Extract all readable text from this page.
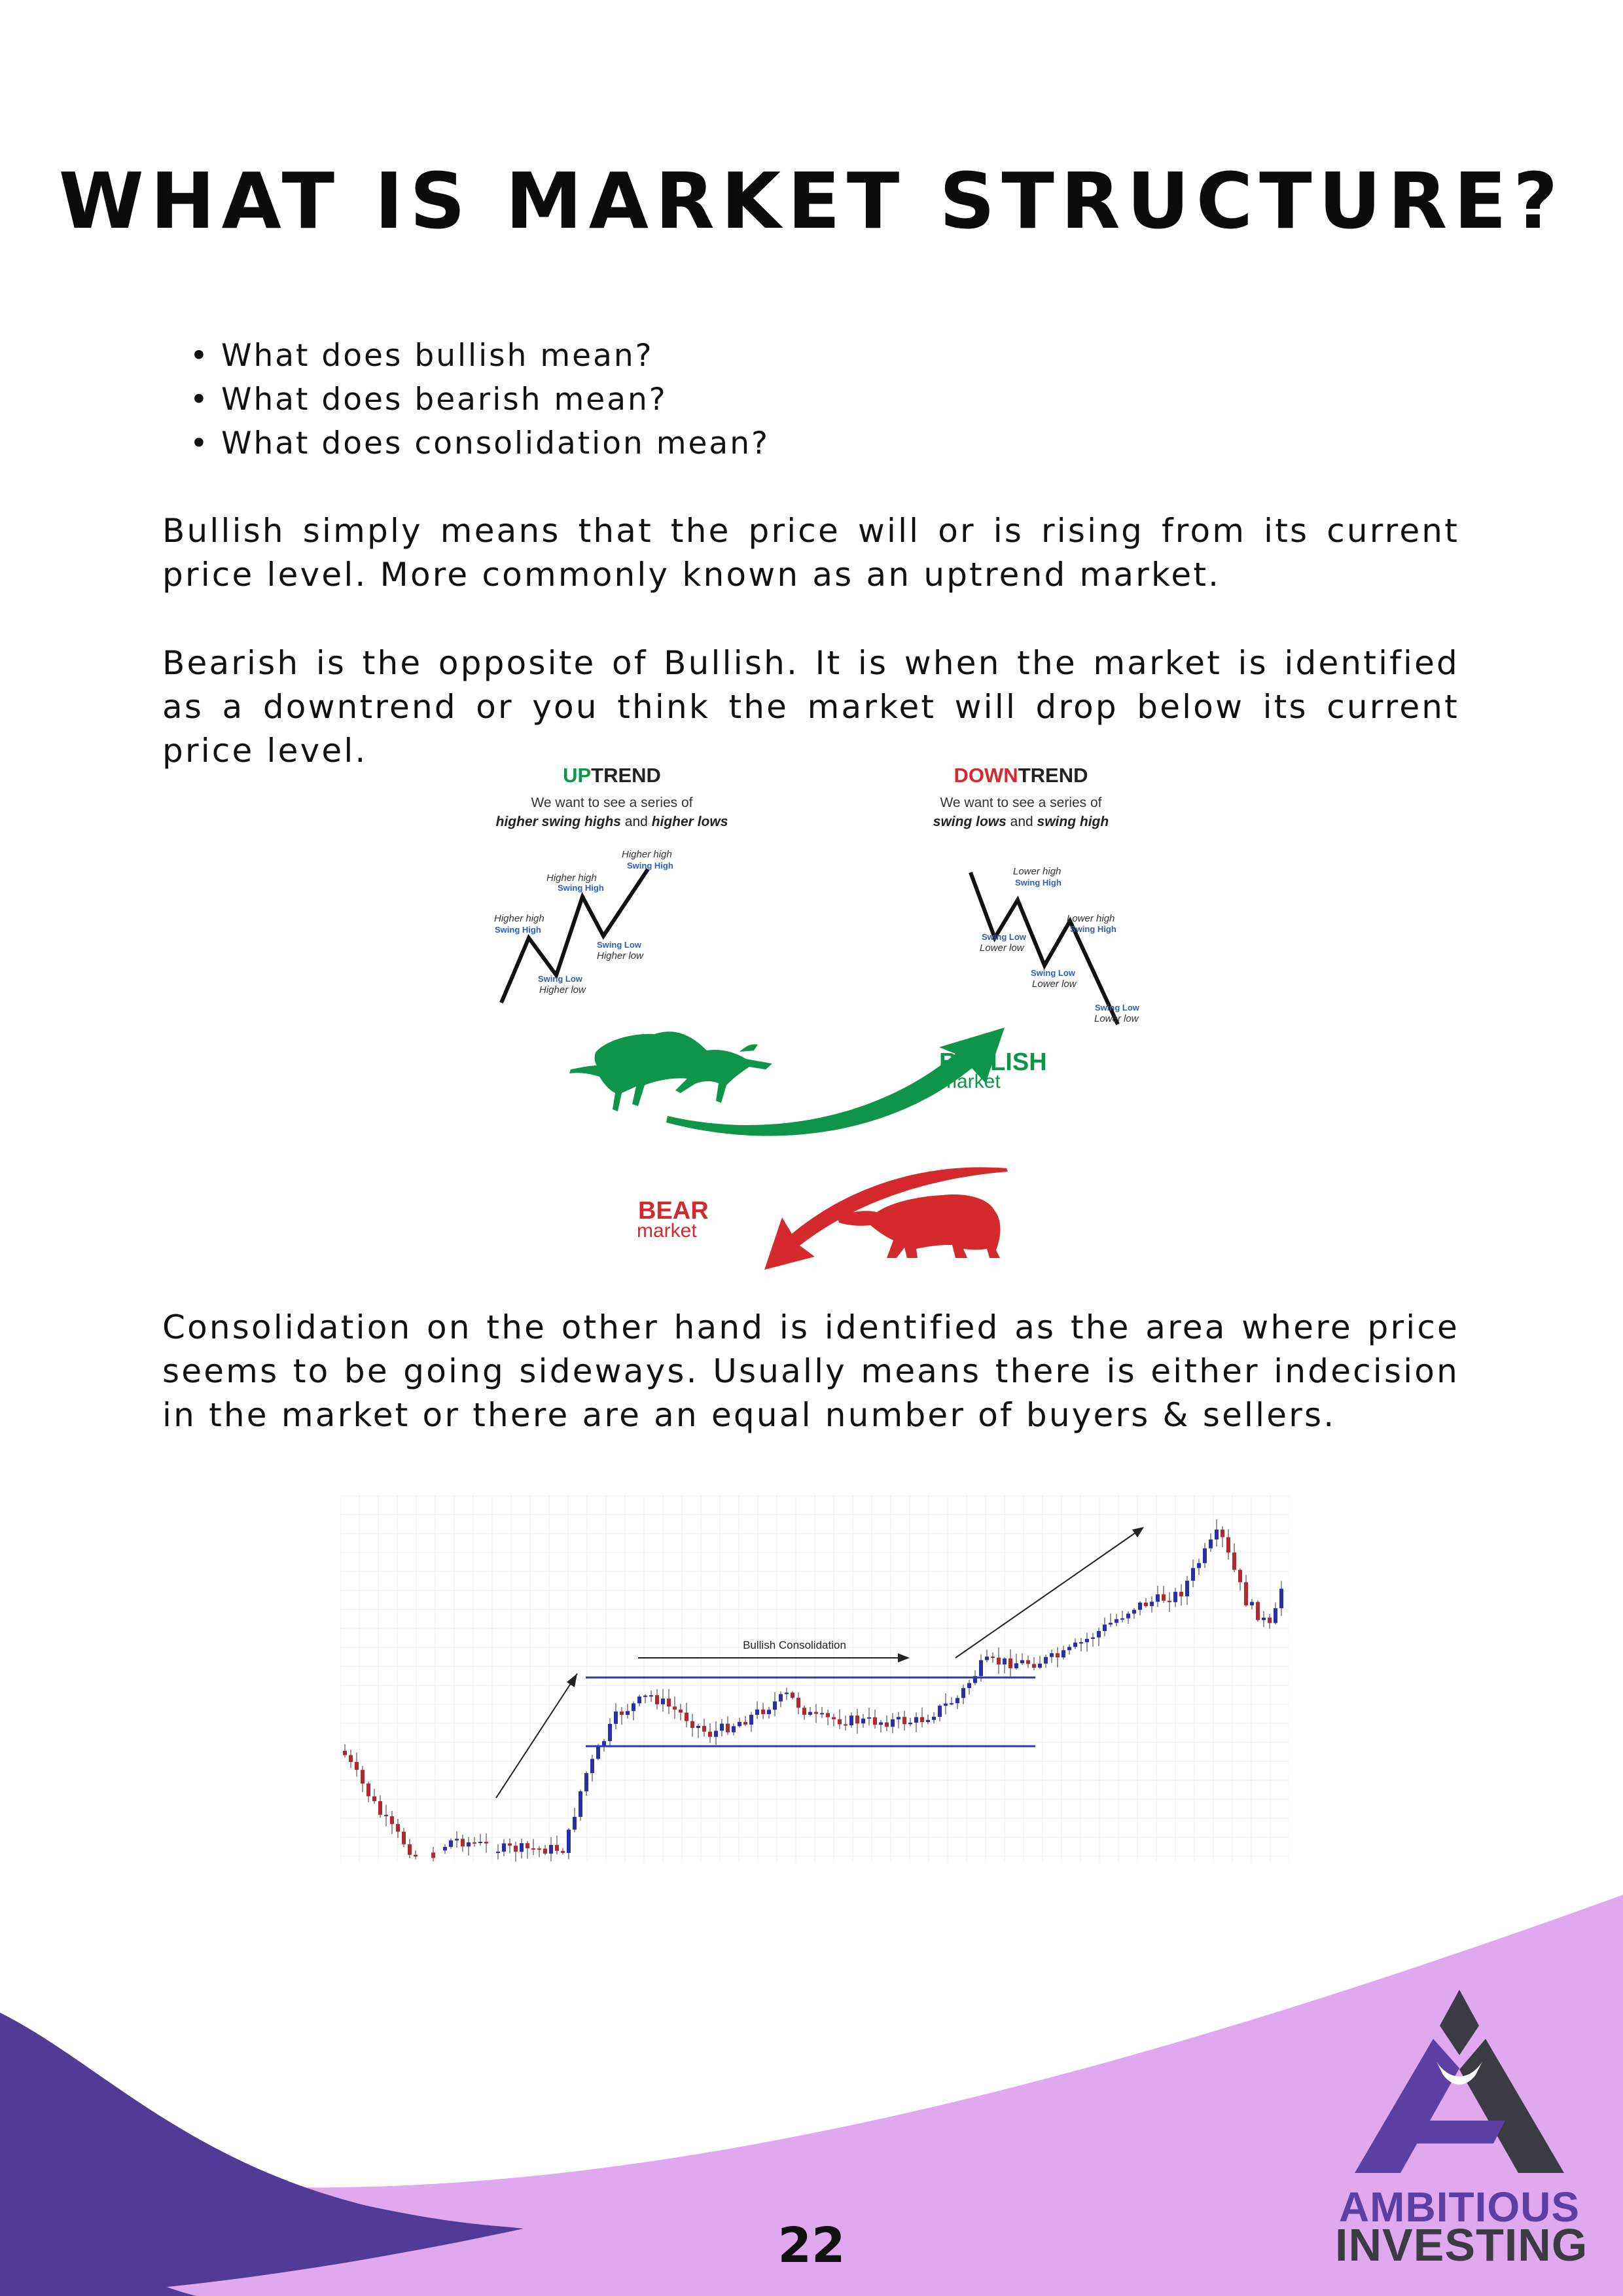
WHAT IS MARKET STRUCTURE?
• What does bullish mean?
• What does bearish mean?
• What does consolidation mean?

Bullish simply means that the price will or is rising from its current price level. More commonly known as an uptrend market.

Bearish is the opposite of Bullish. It is when the market is identified as a downtrend or you think the market will drop below its current price level.

UPTREND
We want to see a series of
higher swing highs and higher lows
Higher high
Swing High
Higher high
Swing High
Higher high
Swing High
Swing Low
Higher low
Swing Low
Higher low
DOWNTREND
We want to see a series of
swing lows and swing high
Lower high
Swing High
Lower high
Swing High
Swing Low
Lower low
Swing Low
Lower low
Swing Low
Lower low
BULLISH
market
BEAR
market

Consolidation on the other hand is identified as the area where price seems to be going sideways. Usually means there is either indecision in the market or there are an equal number of buyers & sellers.

Bullish Consolidation
22
AMBITIOUS
INVESTING
